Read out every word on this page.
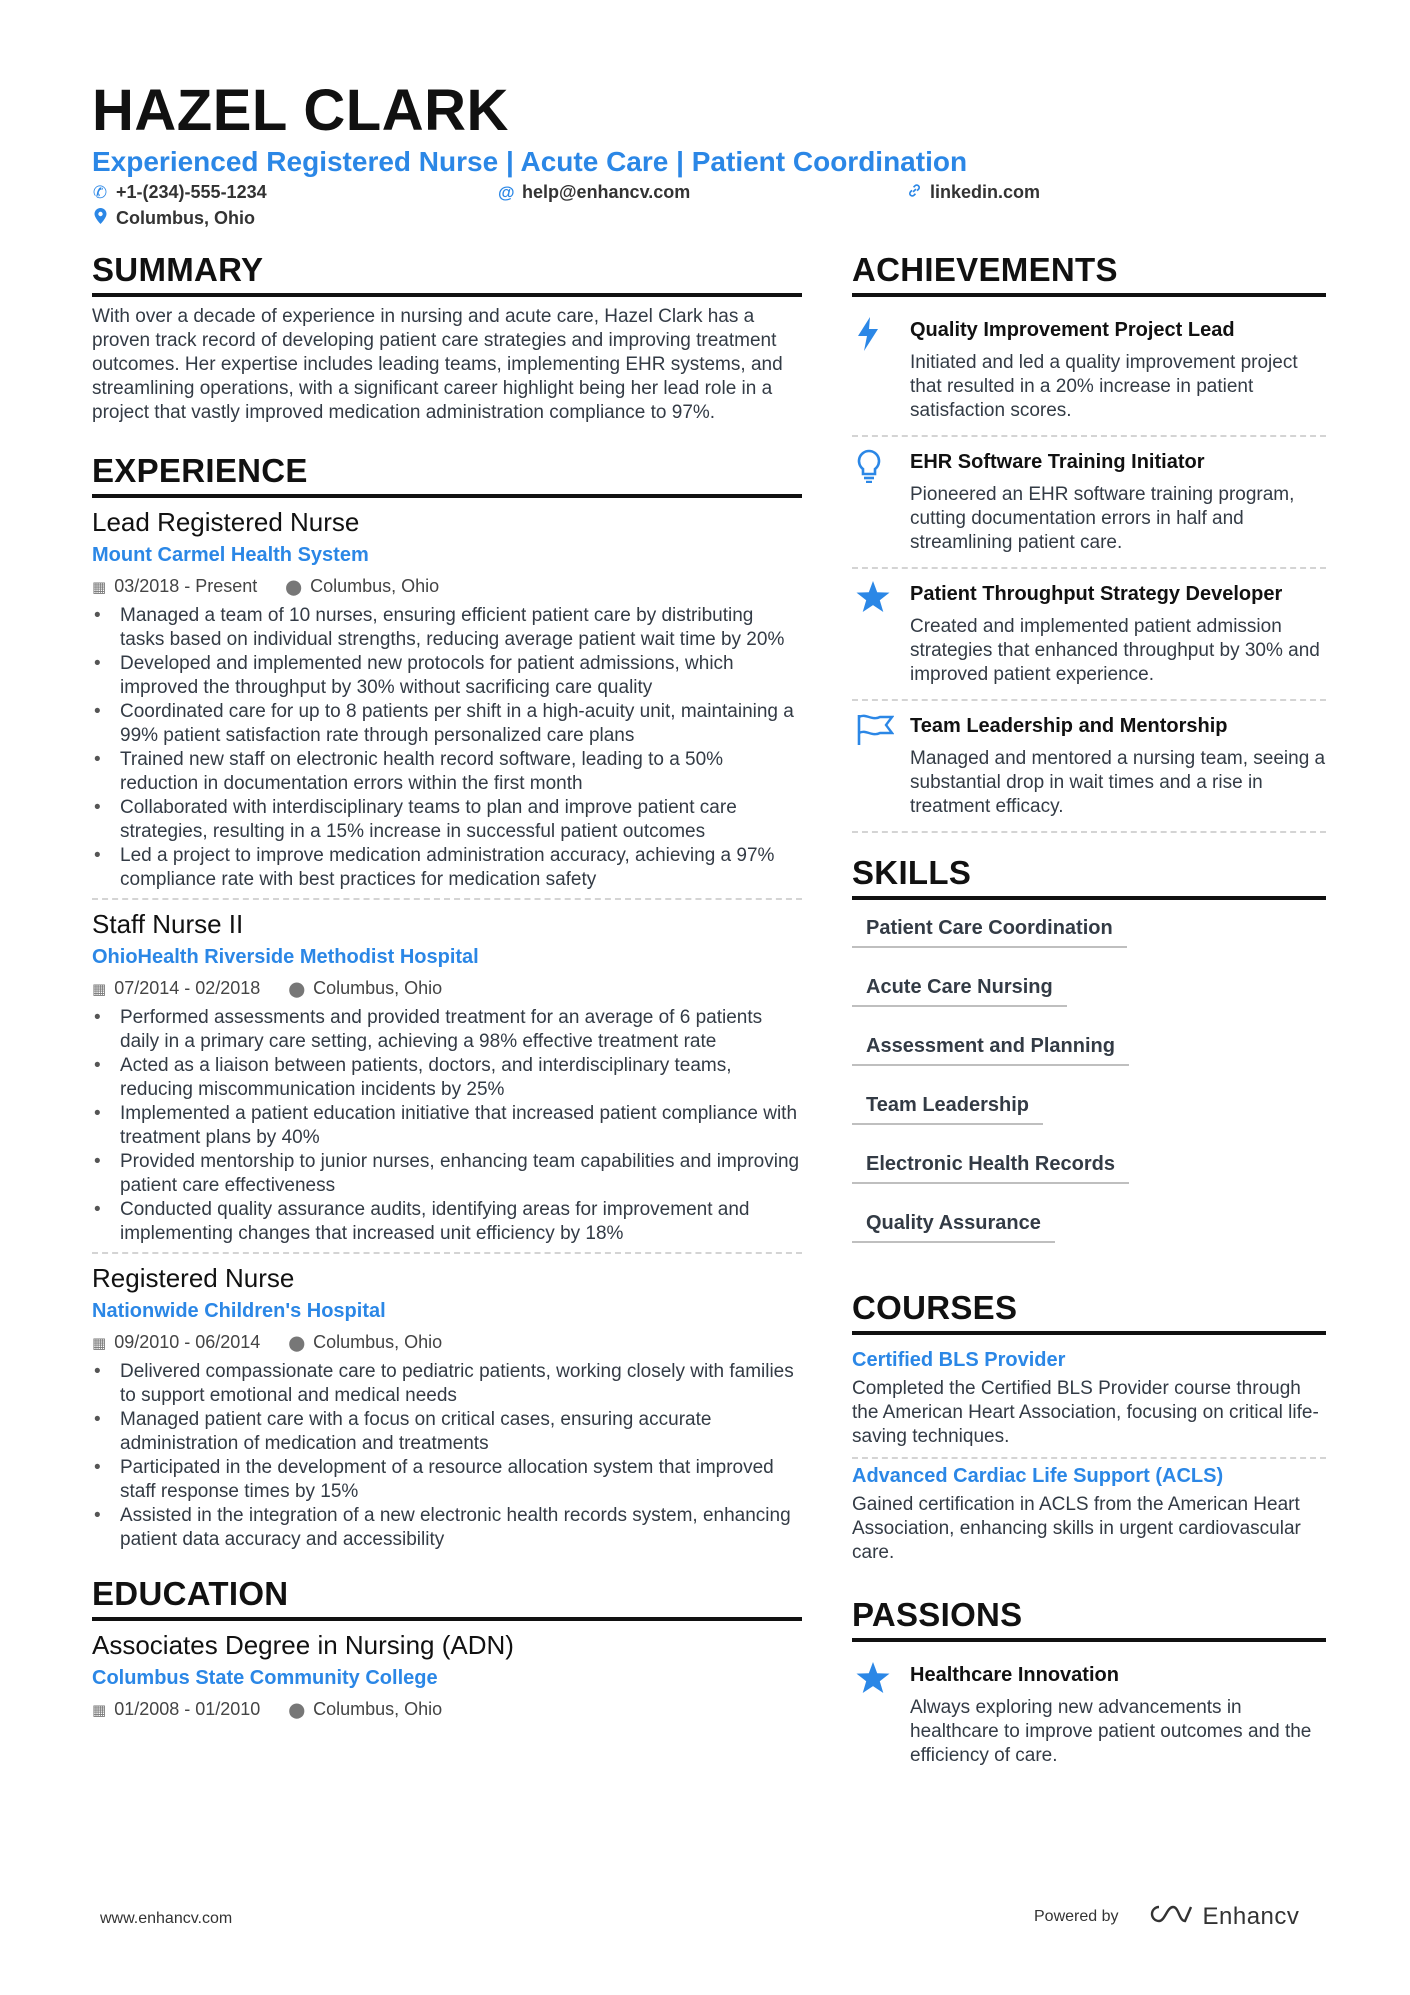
HAZEL CLARK
Experienced Registered Nurse | Acute Care | Patient Coordination
✆ +1-(234)-555-1234	@ help@enhancv.com	linkedin.com
Columbus, Ohio
SUMMARY

With over a decade of experience in nursing and acute care, Hazel Clark has a proven track record of developing patient care strategies and improving treatment outcomes. Her expertise includes leading teams, implementing EHR systems, and streamlining operations, with a significant career highlight being her lead role in a project that vastly improved medication administration compliance to 97%.

EXPERIENCE
Lead Registered Nurse
Mount Carmel Health System
▦ 03/2018 - Present ⬤ Columbus, Ohio
• Managed a team of 10 nurses, ensuring efficient patient care by distributing tasks based on individual strengths, reducing average patient wait time by 20%
• Developed and implemented new protocols for patient admissions, which improved the throughput by 30% without sacrificing care quality
• Coordinated care for up to 8 patients per shift in a high-acuity unit, maintaining a 99% patient satisfaction rate through personalized care plans
• Trained new staff on electronic health record software, leading to a 50% reduction in documentation errors within the first month
• Collaborated with interdisciplinary teams to plan and improve patient care strategies, resulting in a 15% increase in successful patient outcomes
• Led a project to improve medication administration accuracy, achieving a 97% compliance rate with best practices for medication safety
Staff Nurse II
OhioHealth Riverside Methodist Hospital
▦ 07/2014 - 02/2018 ⬤ Columbus, Ohio
• Performed assessments and provided treatment for an average of 6 patients daily in a primary care setting, achieving a 98% effective treatment rate
• Acted as a liaison between patients, doctors, and interdisciplinary teams, reducing miscommunication incidents by 25%
• Implemented a patient education initiative that increased patient compliance with treatment plans by 40%
• Provided mentorship to junior nurses, enhancing team capabilities and improving patient care effectiveness
• Conducted quality assurance audits, identifying areas for improvement and implementing changes that increased unit efficiency by 18%
Registered Nurse
Nationwide Children's Hospital
▦ 09/2010 - 06/2014 ⬤ Columbus, Ohio
• Delivered compassionate care to pediatric patients, working closely with families to support emotional and medical needs
• Managed patient care with a focus on critical cases, ensuring accurate administration of medication and treatments
• Participated in the development of a resource allocation system that improved staff response times by 15%
• Assisted in the integration of a new electronic health records system, enhancing patient data accuracy and accessibility
EDUCATION
Associates Degree in Nursing (ADN)
Columbus State Community College
▦ 01/2008 - 01/2010 ⬤ Columbus, Ohio
ACHIEVEMENTS
Quality Improvement Project Lead
Initiated and led a quality improvement project that resulted in a 20% increase in patient satisfaction scores.
EHR Software Training Initiator
Pioneered an EHR software training program, cutting documentation errors in half and streamlining patient care.
Patient Throughput Strategy Developer
Created and implemented patient admission strategies that enhanced throughput by 30% and improved patient experience.
Team Leadership and Mentorship
Managed and mentored a nursing team, seeing a substantial drop in wait times and a rise in treatment efficacy.
SKILLS
Patient Care Coordination
Acute Care Nursing
Assessment and Planning
Team Leadership
Electronic Health Records
Quality Assurance
COURSES
Certified BLS Provider
Completed the Certified BLS Provider course through the American Heart Association, focusing on critical life-saving techniques.
Advanced Cardiac Life Support (ACLS)
Gained certification in ACLS from the American Heart Association, enhancing skills in urgent cardiovascular care.
PASSIONS
Healthcare Innovation
Always exploring new advancements in healthcare to improve patient outcomes and the efficiency of care.
www.enhancv.com	Powered by	Enhancv
